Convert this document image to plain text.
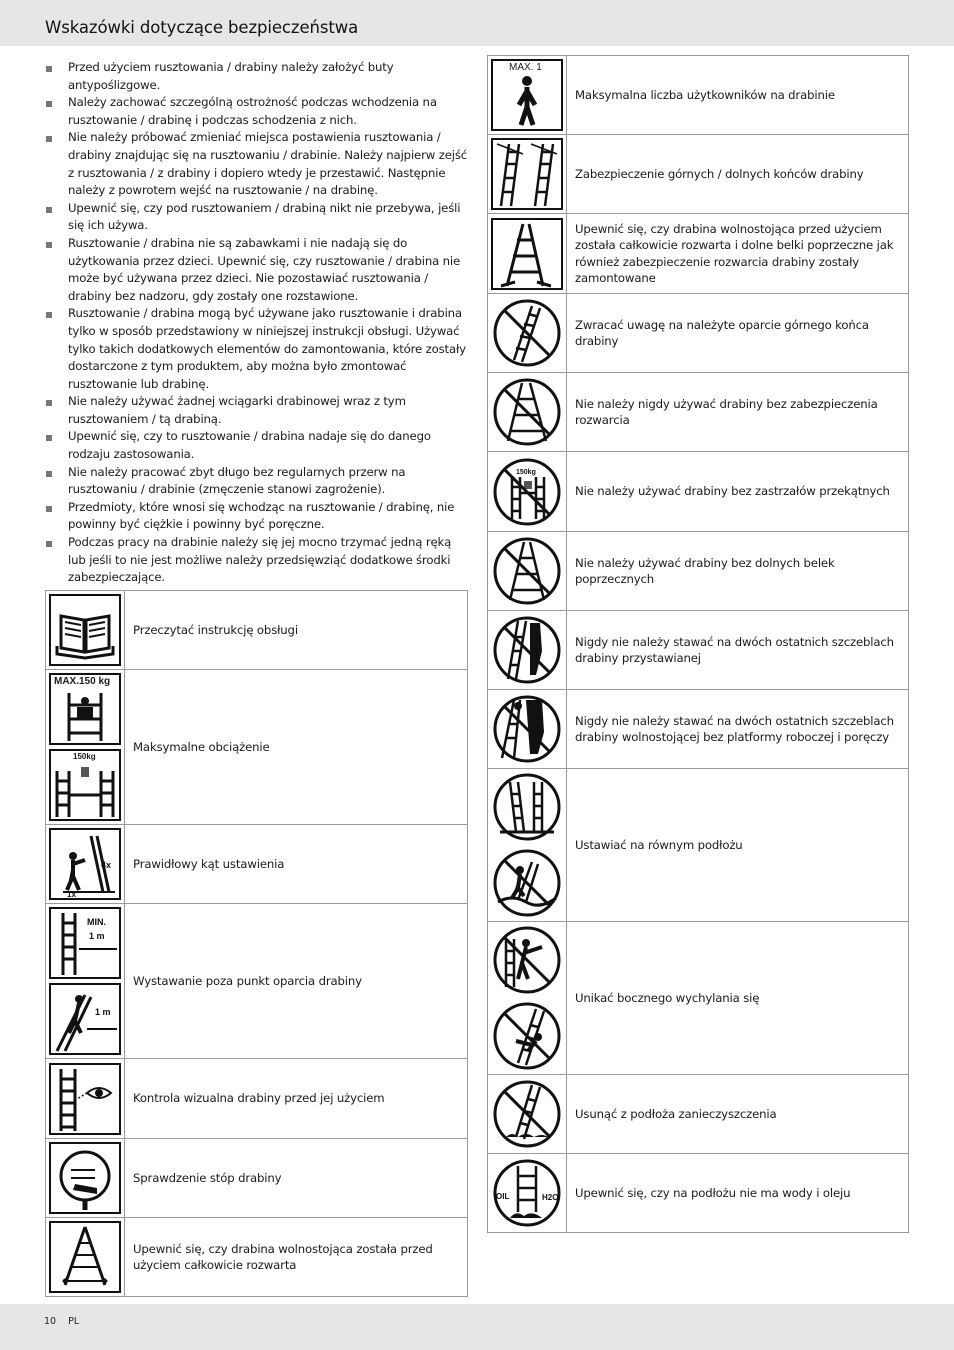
Wskazówki dotyczące bezpieczeństwa
Przed użyciem rusztowania / drabiny należy założyć buty antypoślizgowe.
Należy zachować szczególną ostrożność podczas wchodzenia na rusztowanie / drabinę i podczas schodzenia z nich.
Nie należy próbować zmieniać miejsca postawienia rusztowania / drabiny znajdując się na rusztowaniu / drabinie. Należy najpierw zejść z rusztowania / z drabiny i dopiero wtedy je przestawić. Następnie należy z powrotem wejść na rusztowanie / na drabinę.
Upewnić się, czy pod rusztowaniem / drabiną nikt nie przebywa, jeśli się ich używa.
Rusztowanie / drabina nie są zabawkami i nie nadają się do użytkowania przez dzieci. Upewnić się, czy rusztowanie / drabina nie może być używana przez dzieci. Nie pozostawiać rusztowania / drabiny bez nadzoru, gdy zostały one rozstawione.
Rusztowanie / drabina mogą być używane jako rusztowanie i drabina tylko w sposób przedstawiony w niniejszej instrukcji obsługi. Używać tylko takich dodatkowych elementów do zamontowania, które zostały dostarczone z tym produktem, aby można było zmontować rusztowanie lub drabinę.
Nie należy używać żadnej wciągarki drabinowej wraz z tym rusztowaniem / tą drabiną.
Upewnić się, czy to rusztowanie / drabina nadaje się do danego rodzaju zastosowania.
Nie należy pracować zbyt długo bez regularnych przerw na rusztowaniu / drabinie (zmęczenie stanowi zagrożenie).
Przedmioty, które wnosi się wchodząc na rusztowanie / drabinę, nie powinny być ciężkie i powinny być poręczne.
Podczas pracy na drabinie należy się jej mocno trzymać jedną ręką lub jeśli to nie jest możliwe należy przedsięwziąć dodatkowe środki zabezpieczające.
	Przeczytać instrukcję obsługi

MAX.150 kg
150kg	Maksymalne obciążenie

4x
1x	Prawidłowy kąt ustawienia

MIN.
1 m
1 m	Wystawanie poza punkt oparcia drabiny

	Kontrola wizualna drabiny przed jej użyciem

	Sprawdzenie stóp drabiny

	Upewnić się, czy drabina wolnostojąca została przed użyciem całkowicie rozwarta
MAX. 1	Maksymalna liczba użytkowników na drabinie

	Zabezpieczenie górnych / dolnych końców drabiny

	Upewnić się, czy drabina wolnostojąca przed użyciem została całkowicie rozwarta i dolne belki poprzeczne jak również zabezpieczenie rozwarcia drabiny zostały zamontowane

	Zwracać uwagę na należyte oparcie górnego końca drabiny

	Nie należy nigdy używać drabiny bez zabezpieczenia rozwarcia

150kg	Nie należy używać drabiny bez zastrzałów przekątnych

	Nie należy używać drabiny bez dolnych belek poprzecznych

	Nigdy nie należy stawać na dwóch ostatnich szczeblach drabiny przystawianej

	Nigdy nie należy stawać na dwóch ostatnich szczeblach drabiny wolnostojącej bez platformy roboczej i poręczy

	Ustawiać na równym podłożu

	Unikać bocznego wychylania się

	Usunąć z podłoża zanieczyszczenia

OIL H2O	Upewnić się, czy na podłożu nie ma wody i oleju
10 PL
